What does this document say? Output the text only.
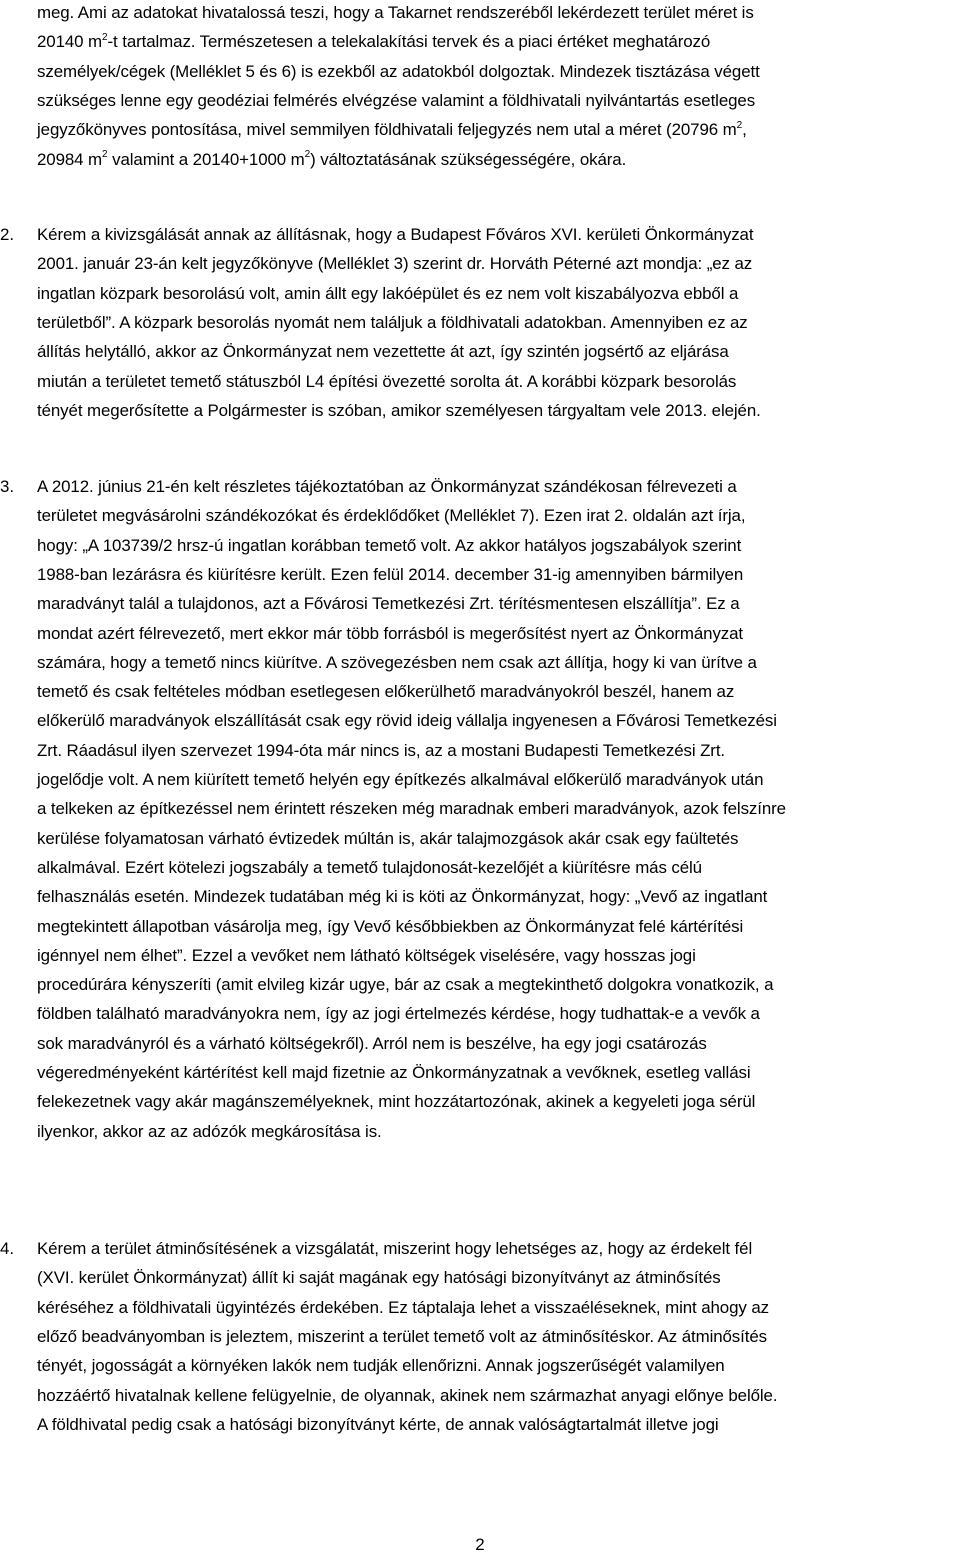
meg. Ami az adatokat hivatalossá teszi, hogy a Takarnet rendszeréből lekérdezett terület méret is

20140 $m^2-t$ tartalmaz. Természetesen a telekalakítási tervek és a piaci értéket meghatározó

személyek/cégek (Melléklet 5 és 6) is ezekből az adatokból dolgoztak. Mindezek tisztázása végett

szükséges lenne egy geodéziai felmérés elvégzése valamint a földhivatali nyilvántartás esetleges

jegyzőkönyves pontosítása, mivel semmilyen földhivatali feljegyzés nem utal a méret (20796 $m^2$,

20984 $m^2$ valamint a 20140+1000 $m^2$) változtatásának szükségességére, okára.

2. Kérem a kivizsgálását annak az állításnak, hogy a Budapest Főváros XVI. kerületi Önkormányzat

2001. január 23-án kelt jegyzőkönyve (Melléklet 3) szerint dr. Horváth Péterné azt mondja: „ez az

ingatlan közpark besorolású volt, amin állt egy lakóépület és ez nem volt kiszabályozva ebből a

területből”. A közpark besorolás nyomát nem találjuk a földhivatali adatokban. Amennyiben ez az

állítás helytálló, akkor az Önkormányzat nem vezettette át azt, így szintén jogsértő az eljárása

miután a területet temető státuszból L4 építési övezetté sorolta át. A korábbi közpark besorolás

tényét megerősítette a Polgármester is szóban, amikor személyesen tárgyaltam vele 2013. elején.

3. A 2012. június 21-én kelt részletes tájékoztatóban az Önkormányzat szándékosan félrevezeti a

területet megvásárolni szándékozókat és érdeklődőket (Melléklet 7). Ezen irat 2. oldalán azt írja,

hogy: „A 103739/2 hrsz-ú ingatlan korábban temető volt. Az akkor hatályos jogszabályok szerint

1988-ban lezárásra és kiürítésre került. Ezen felül 2014. december 31-ig amennyiben bármilyen

maradványt talál a tulajdonos, azt a Fővárosi Temetkezési Zrt. térítésmentesen elszállítja”. Ez a

mondat azért félrevezető, mert ekkor már több forrásból is megerősítést nyert az Önkormányzat

számára, hogy a temető nincs kiürítve. A szövegezésben nem csak azt állítja, hogy ki van ürítve a

temető és csak feltételes módban esetlegesen előkerülhető maradványokról beszél, hanem az

előkerülő maradványok elszállítását csak egy rövid ideig vállalja ingyenesen a Fővárosi Temetkezési

Zrt. Ráadásul ilyen szervezet 1994-óta már nincs is, az a mostani Budapesti Temetkezési Zrt.

jogelődje volt. A nem kiürített temető helyén egy építkezés alkalmával előkerülő maradványok után

a telkeken az építkezéssel nem érintett részeken még maradnak emberi maradványok, azok felszínre

kerülése folyamatosan várható évtizedek múltán is, akár talajmozgások akár csak egy faültetés

alkalmával. Ezért kötelezi jogszabály a temető tulajdonosát-kezelőjét a kiürítésre más célú

felhasználás esetén. Mindezek tudatában még ki is köti az Önkormányzat, hogy: „Vevő az ingatlant

megtekintett állapotban vásárolja meg, így Vevő későbbiekben az Önkormányzat felé kártérítési

igénnyel nem élhet”. Ezzel a vevőket nem látható költségek viselésére, vagy hosszas jogi

procedúrára kényszeríti (amit elvileg kizár ugye, bár az csak a megtekinthető dolgokra vonatkozik, a

földben található maradványokra nem, így az jogi értelmezés kérdése, hogy tudhattak-e a vevők a

sok maradványról és a várható költségekről). Arról nem is beszélve, ha egy jogi csatározás

végeredményeként kártérítést kell majd fizetnie az Önkormányzatnak a vevőknek, esetleg vallási

felekezetnek vagy akár magánszemélyeknek, mint hozzátartozónak, akinek a kegyeleti joga sérül

ilyenkor, akkor az az adózók megkárosítása is.

4. Kérem a terület átminősítésének a vizsgálatát, miszerint hogy lehetséges az, hogy az érdekelt fél

(XVI. kerület Önkormányzat) állít ki saját magának egy hatósági bizonyítványt az átminősítés

kéréséhez a földhivatali ügyintézés érdekében. Ez táptalaja lehet a visszaéléseknek, mint ahogy az

előző beadványomban is jeleztem, miszerint a terület temető volt az átminősítéskor. Az átminősítés

tényét, jogosságát a környéken lakók nem tudják ellenőrizni. Annak jogszerűségét valamilyen

hozzáértő hivatalnak kellene felügyelnie, de olyannak, akinek nem származhat anyagi előnye belőle.

A földhivatal pedig csak a hatósági bizonyítványt kérte, de annak valóságtartalmát illetve jogi

2
